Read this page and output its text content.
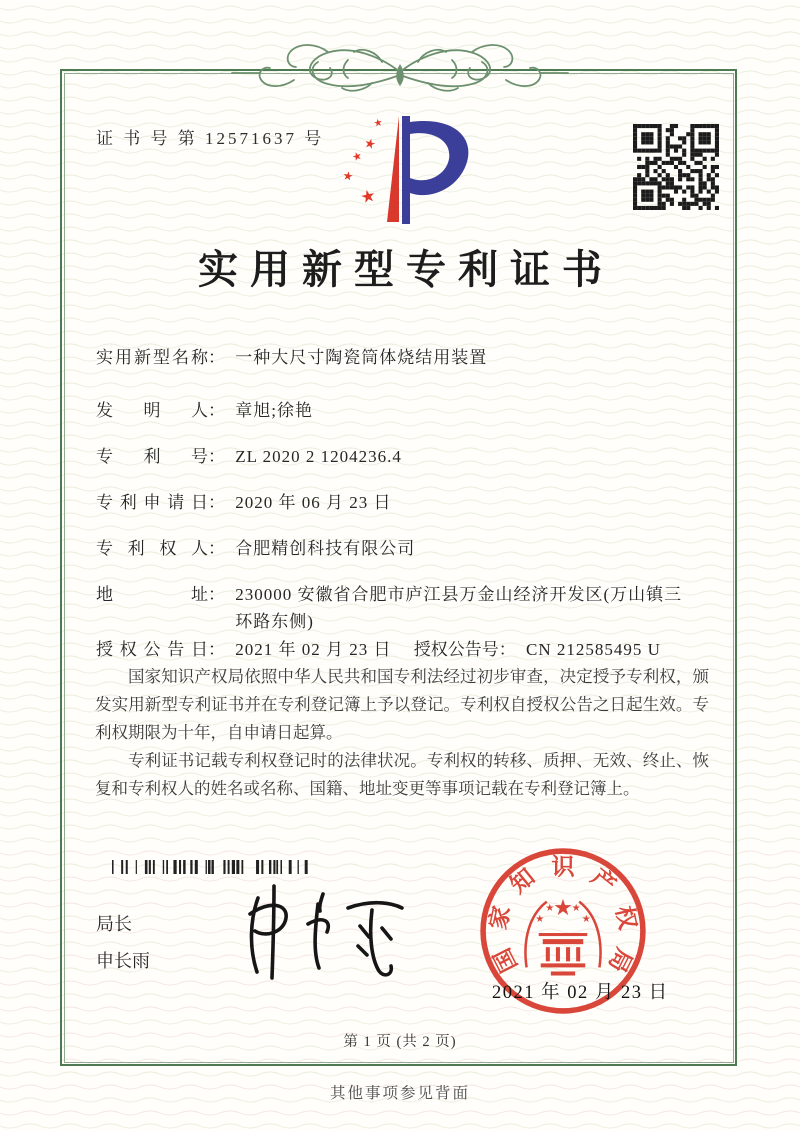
证 书 号 第 12571637 号	★
★
★
★
★
实用新型专利证书
实用新型名称： 一种大尺寸陶瓷筒体烧结用装置
发明人： 章旭;徐艳
专利号： ZL 2020 2 1204236.4
专利申请日： 2020 年 06 月 23 日
专利权人： 合肥精创科技有限公司
地址： 230000 安徽省合肥市庐江县万金山经济开发区(万山镇三环路东侧)
授权公告日： 2021 年 02 月 23 日 授权公告号： CN 212585495 U

国家知识产权局依照中华人民共和国专利法经过初步审查，决定授予专利权，颁发实用新型专利证书并在专利登记簿上予以登记。专利权自授权公告之日起生效。专利权期限为十年，自申请日起算。

专利证书记载专利权登记时的法律状况。专利权的转移、质押、无效、终止、恢复和专利权人的姓名或名称、国籍、地址变更等事项记载在专利登记簿上。

局长
申长雨
★
★
★ ★
★
国
家
知 识 产
权
局
2021 年 02 月 23 日
第 1 页 (共 2 页)
其他事项参见背面
